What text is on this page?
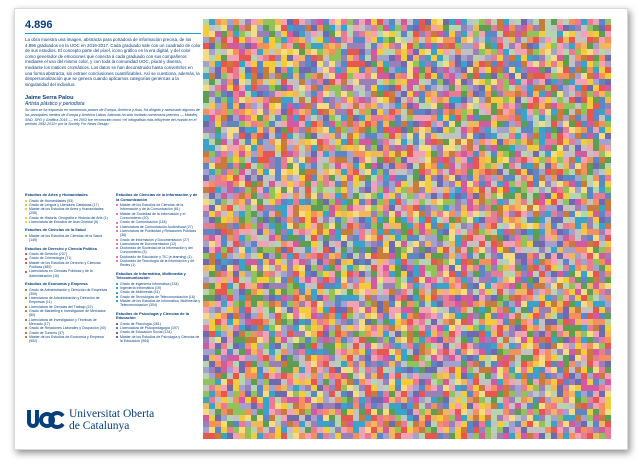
4.896

La obra muestra una imagen, abstracta para portadora de información precisa, de los 4.896 graduados en la UOC en 2016-2017. Cada graduado sale con un cuadrado de color de sus estudios. El concepto parte del píxel, icono gráfico en la era digital, y del color como generador de emociones que conecta a cada graduado con sus compañeros mediante el uso del mismo color, y con toda la comunidad UOC, plural y diversa, mediante los matices cromáticos. Los datos se han deconstruido hasta convertirlos en una forma abstracta, sin extraer conclusiones cuantificables. Así se cuestiona, además, la despersonalización que se genera cuando aplicamos categorías genéricas a la singularidad del individuo.

Jaime Serra Palou

Artista plástico y periodista

Su obra se ha expuesto en numerosos países de Europa, América y Asia. Ha dirigido y asesorado algunos de los principales medios de Europa y América Latina. Además ha sido invitado numerosos premios — Malofiej, SND, SPD y Graffica 2015 —. en 2003 fue reconocido como «el infografista más influyente del mundo en el periodo 1992-2012» por la Society For News Design

Estudios de Artes y Humanidades

Grado de Humanidades (53)

Grado de Lengua y Literatura Catalanas (17)

Máster de los Estudios de Artes y Humanidades (205)

Grado de Historia, Geografía e Historia del Arte (1)

Licenciatura de Estudios de Asia Oriental (5)

Estudios de Ciencias de la Salud

Máster de los Estudios de Ciencias de la Salud (149)

Estudios de Derecho y Ciencia Política

Grado de Derecho (237)

Grado de Criminología (71)

Máster de los Estudios de Derecho y Ciencias Políticas (480)

Licenciatura en Ciencias Políticas y de la Administración (16)

Estudios de Economía y Empresa

Grado de Administración y Dirección de Empresas (309)

Licenciatura de Administración y Dirección de Empresas (11)

Licenciatura de Ciencias del Trabajo (22)

Grado de Marketing e Investigación de Mercados (80)

Licenciatura de Investigación y Técnicas de Mercado (17)

Grado de Relaciones Laborales y Ocupación (40)

Grado de Turismo (37)

Máster de los Estudios de Economía y Empresa (552)

Estudios de Ciencias de la Información y de la Comunicación

Máster de los Estudios de Ciencias de la Información y de la Comunicación (61)

Máster de Sociedad de la Información y el Conocimiento (20)

Grado de Comunicación (118)

Licenciatura de Comunicación Audiovisual (27)

Licenciatura de Publicidad y Relaciones Públicas (36)

Grado de Información y Documentación (27)

Licenciatura de Documentación (12)

Doctorado de Sociedad de la Información y del Conocimiento (3)

Doctorado de Educación y TIC (e-learning) (1)

Doctorado de Tecnología de la Información y de Redes (1)

Estudios de Informática, Multimedia y Telecomunicación

Grado de Ingeniería Informática (134)

Ingeniería Informática (19)

Grado de Multimedia (41)

Grado de Tecnologías de Telecomunicación (16)

Máster de los Estudios de Informática, Multimedia y Telecomunicación (304)

Estudios de Psicología y Ciencias de la Educación

Grado de Psicología (281)

Licenciatura de Psicopedagogía (197)

Grado de Educación Social (134)

Máster de los Estudios de Psicología y Ciencias de la Educación (964)

Universitat Oberta
de Catalunya
